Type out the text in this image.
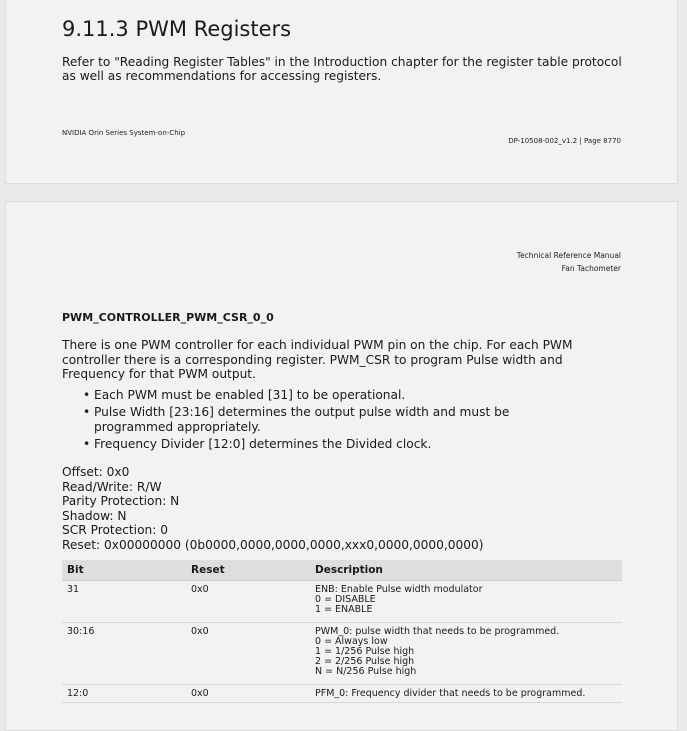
9.11.3 PWM Registers

Refer to "Reading Register Tables" in the Introduction chapter for the register table protocol as well as recommendations for accessing registers.

NVIDIA Orin Series System-on-Chip
DP-10508-002_v1.2 | Page 8770
Technical Reference Manual
Fan Tachometer
PWM_CONTROLLER_PWM_CSR_0_0

There is one PWM controller for each individual PWM pin on the chip. For each PWM controller there is a corresponding register. PWM_CSR to program Pulse width and Frequency for that PWM output.

• Each PWM must be enabled [31] to be operational.
• Pulse Width [23:16] determines the output pulse width and must be programmed appropriately.
• Frequency Divider [12:0] determines the Divided clock.
Offset: 0x0
Read/Write: R/W
Parity Protection: N
Shadow: N
SCR Protection: 0
Reset: 0x00000000 (0b0000,0000,0000,0000,xxx0,0000,0000,0000)
Bit	Reset	Description
31	0x0	ENB: Enable Pulse width modulator
0 = DISABLE
1 = ENABLE

30:16	0x0	PWM_0: pulse width that needs to be programmed.
0 = Always low
1 = 1/256 Pulse high
2 = 2/256 Pulse high
N = N/256 Pulse high

12:0	0x0	PFM_0: Frequency divider that needs to be programmed.
